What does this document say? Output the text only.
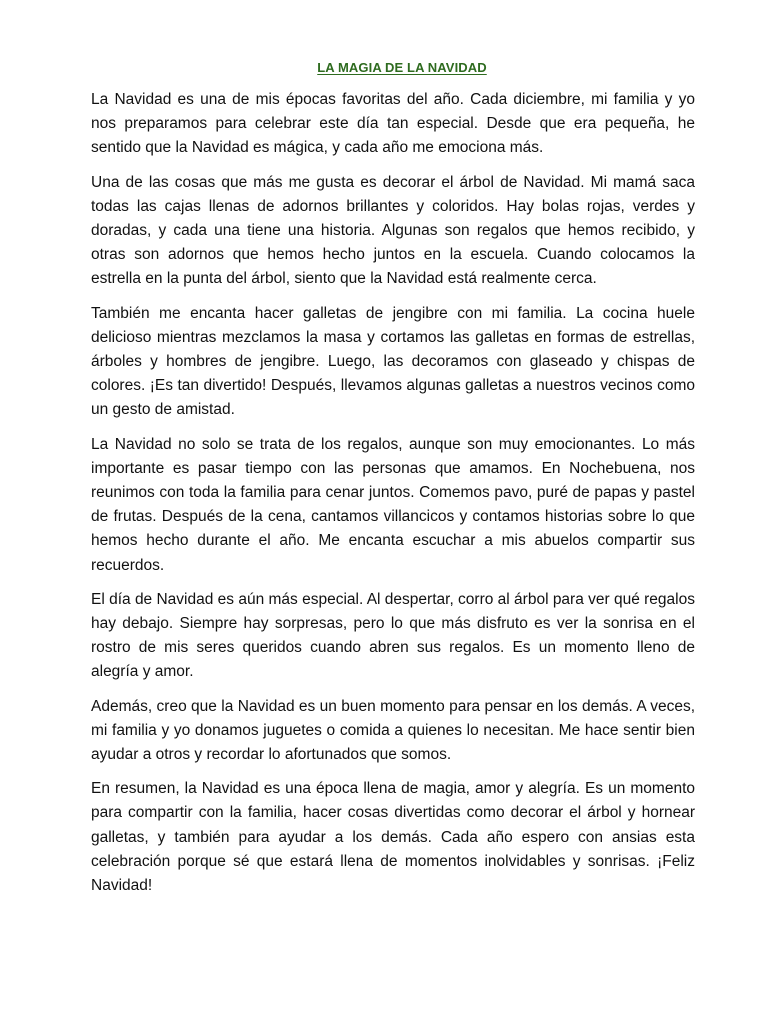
LA MAGIA DE LA NAVIDAD

La Navidad es una de mis épocas favoritas del año. Cada diciembre, mi familia y yo nos preparamos para celebrar este día tan especial. Desde que era pequeña, he sentido que la Navidad es mágica, y cada año me emociona más.

Una de las cosas que más me gusta es decorar el árbol de Navidad. Mi mamá saca todas las cajas llenas de adornos brillantes y coloridos. Hay bolas rojas, verdes y doradas, y cada una tiene una historia. Algunas son regalos que hemos recibido, y otras son adornos que hemos hecho juntos en la escuela. Cuando colocamos la estrella en la punta del árbol, siento que la Navidad está realmente cerca.

También me encanta hacer galletas de jengibre con mi familia. La cocina huele delicioso mientras mezclamos la masa y cortamos las galletas en formas de estrellas, árboles y hombres de jengibre. Luego, las decoramos con glaseado y chispas de colores. ¡Es tan divertido! Después, llevamos algunas galletas a nuestros vecinos como un gesto de amistad.

La Navidad no solo se trata de los regalos, aunque son muy emocionantes. Lo más importante es pasar tiempo con las personas que amamos. En Nochebuena, nos reunimos con toda la familia para cenar juntos. Comemos pavo, puré de papas y pastel de frutas. Después de la cena, cantamos villancicos y contamos historias sobre lo que hemos hecho durante el año. Me encanta escuchar a mis abuelos compartir sus recuerdos.

El día de Navidad es aún más especial. Al despertar, corro al árbol para ver qué regalos hay debajo. Siempre hay sorpresas, pero lo que más disfruto es ver la sonrisa en el rostro de mis seres queridos cuando abren sus regalos. Es un momento lleno de alegría y amor.

Además, creo que la Navidad es un buen momento para pensar en los demás. A veces, mi familia y yo donamos juguetes o comida a quienes lo necesitan. Me hace sentir bien ayudar a otros y recordar lo afortunados que somos.

En resumen, la Navidad es una época llena de magia, amor y alegría. Es un momento para compartir con la familia, hacer cosas divertidas como decorar el árbol y hornear galletas, y también para ayudar a los demás. Cada año espero con ansias esta celebración porque sé que estará llena de momentos inolvidables y sonrisas. ¡Feliz Navidad!
